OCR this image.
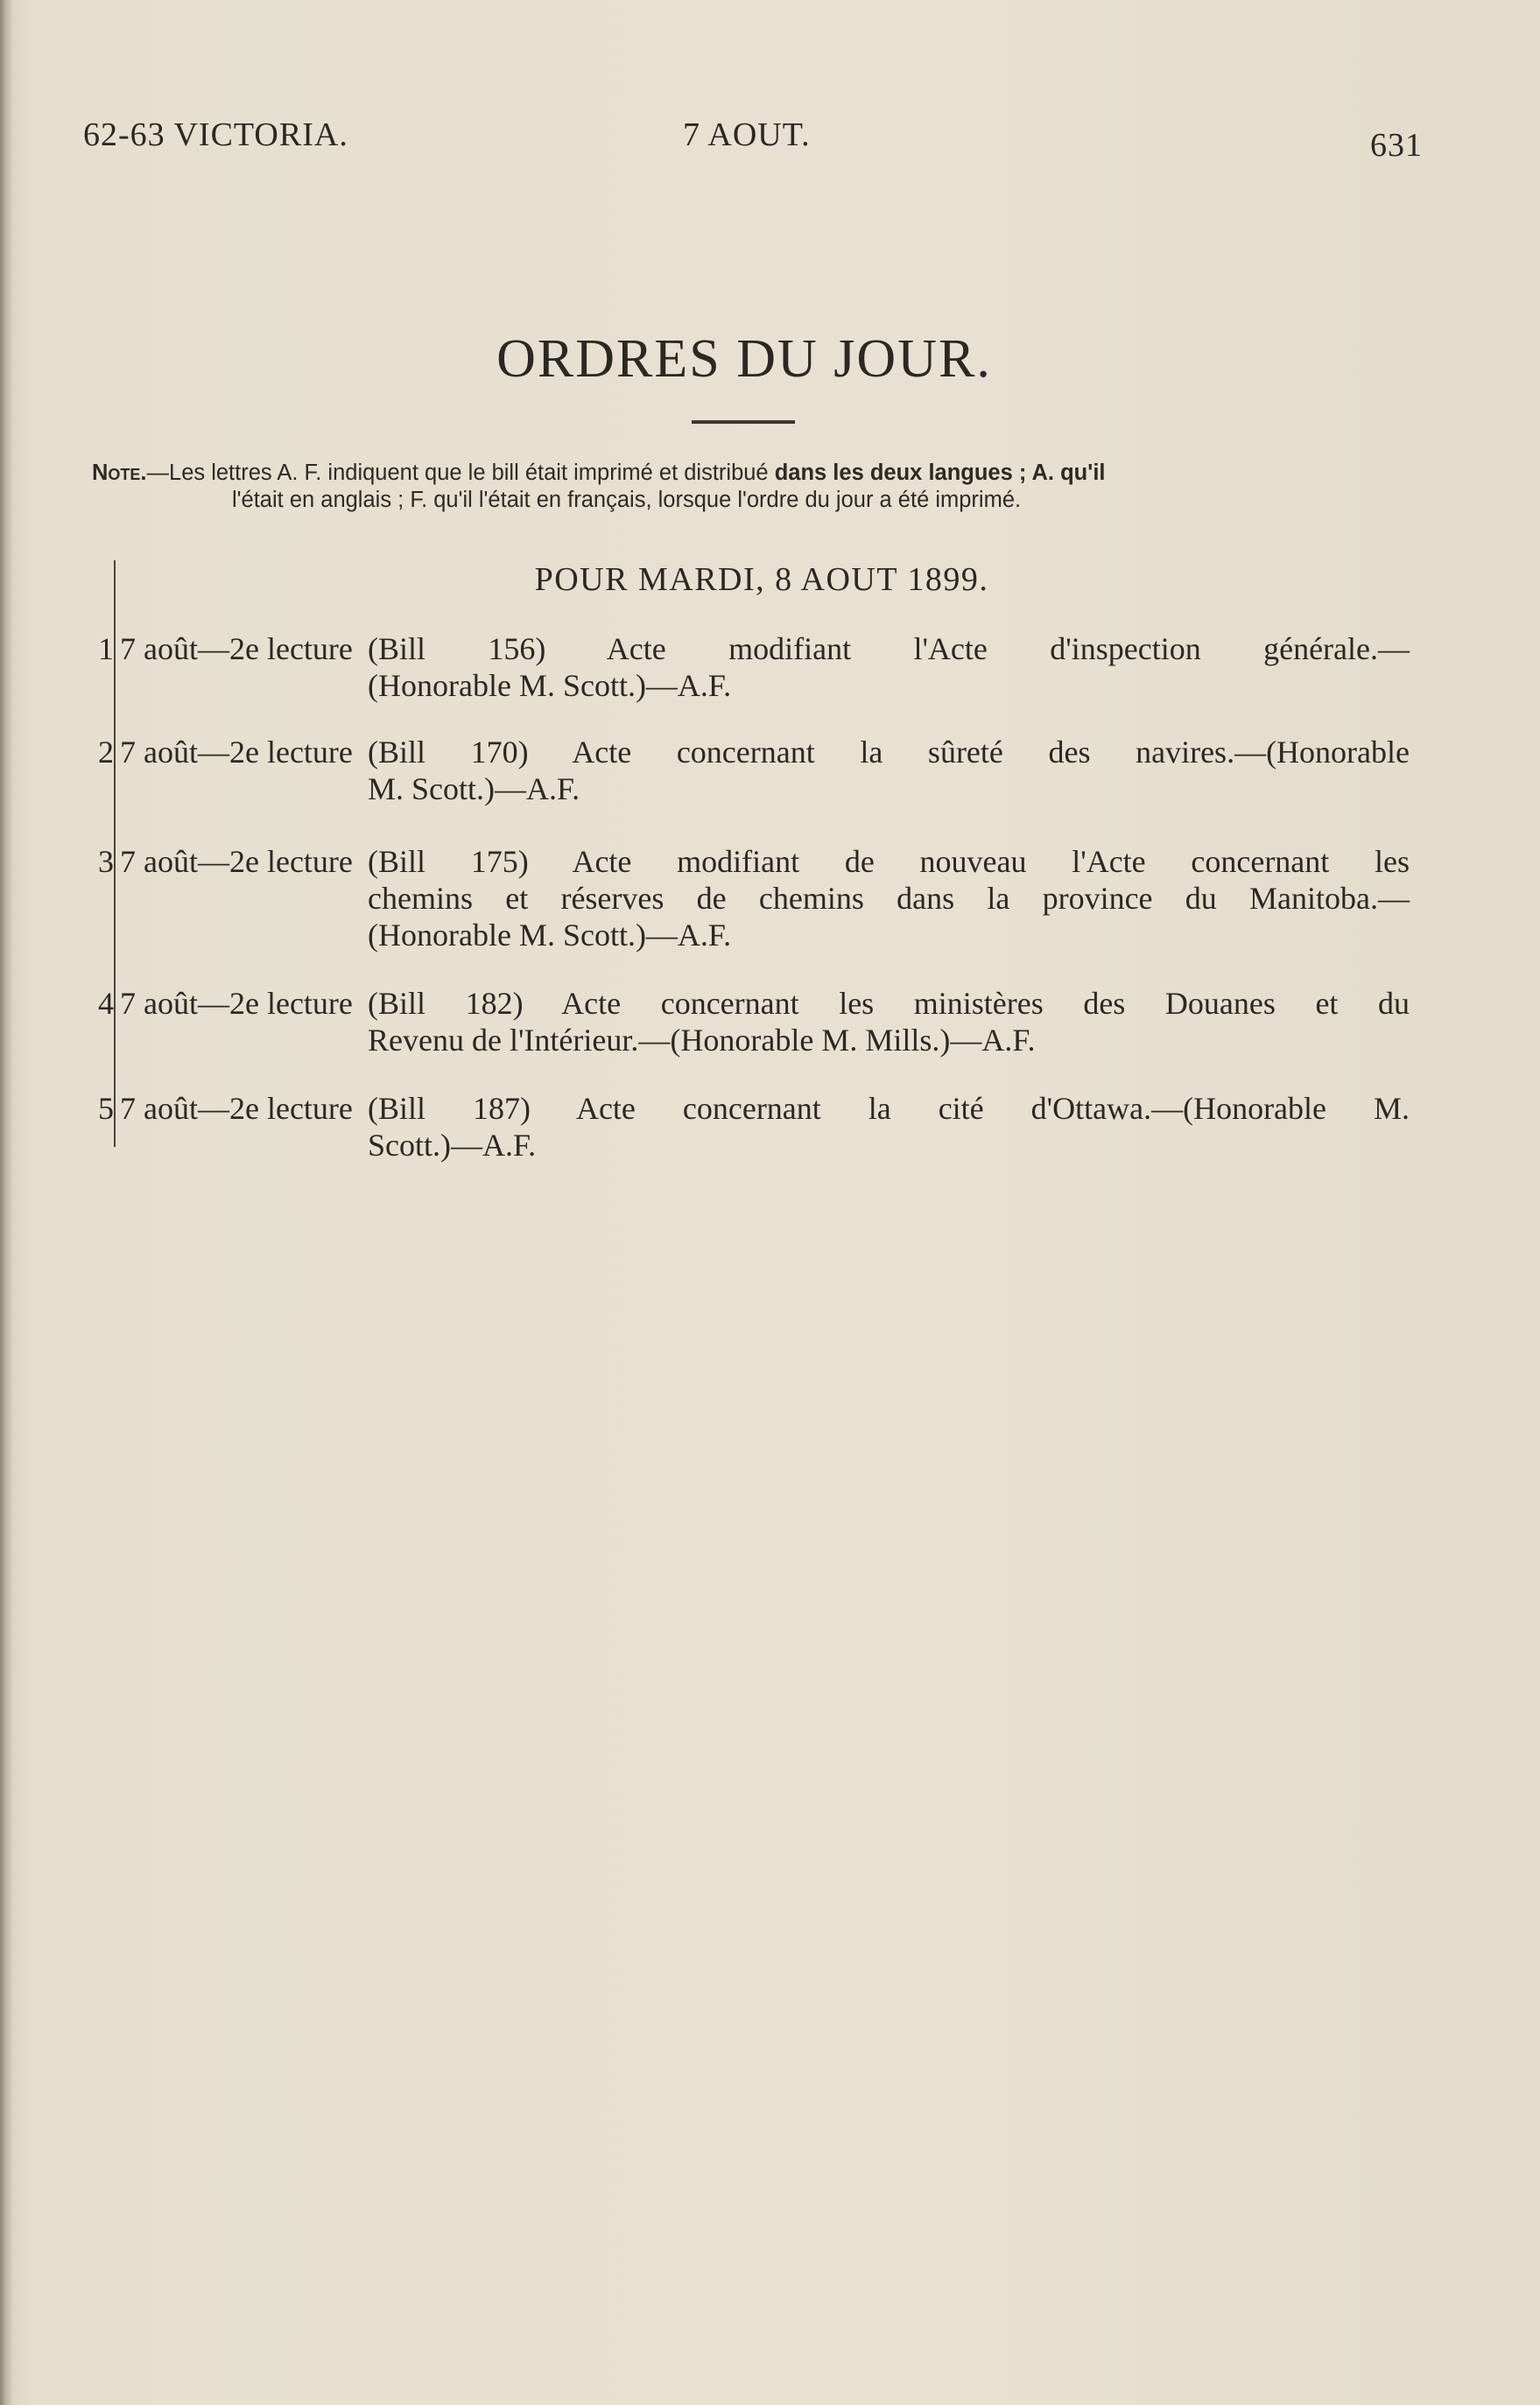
62-63 VICTORIA.	7 AOUT.	631
ORDRES DU JOUR.
Note.—Les lettres A. F. indiquent que le bill était imprimé et distribué dans les deux langues ; A. qu'il
l'était en anglais ; F. qu'il l'était en français, lorsque l'ordre du jour a été imprimé.
POUR MARDI, 8 AOUT 1899.
1 7 août—2e lecture (Bill 156) Acte modifiant l'Acte d'inspection générale.—
(Honorable M. Scott.)—A.F.
2 7 août—2e lecture (Bill 170) Acte concernant la sûreté des navires.—(Honorable
M. Scott.)—A.F.
3 7 août—2e lecture (Bill 175) Acte modifiant de nouveau l'Acte concernant les
chemins et réserves de chemins dans la province du Manitoba.—
(Honorable M. Scott.)—A.F.
4 7 août—2e lecture (Bill 182) Acte concernant les ministères des Douanes et du
Revenu de l'Intérieur.—(Honorable M. Mills.)—A.F.
5 7 août—2e lecture (Bill 187) Acte concernant la cité d'Ottawa.—(Honorable M.
Scott.)—A.F.
